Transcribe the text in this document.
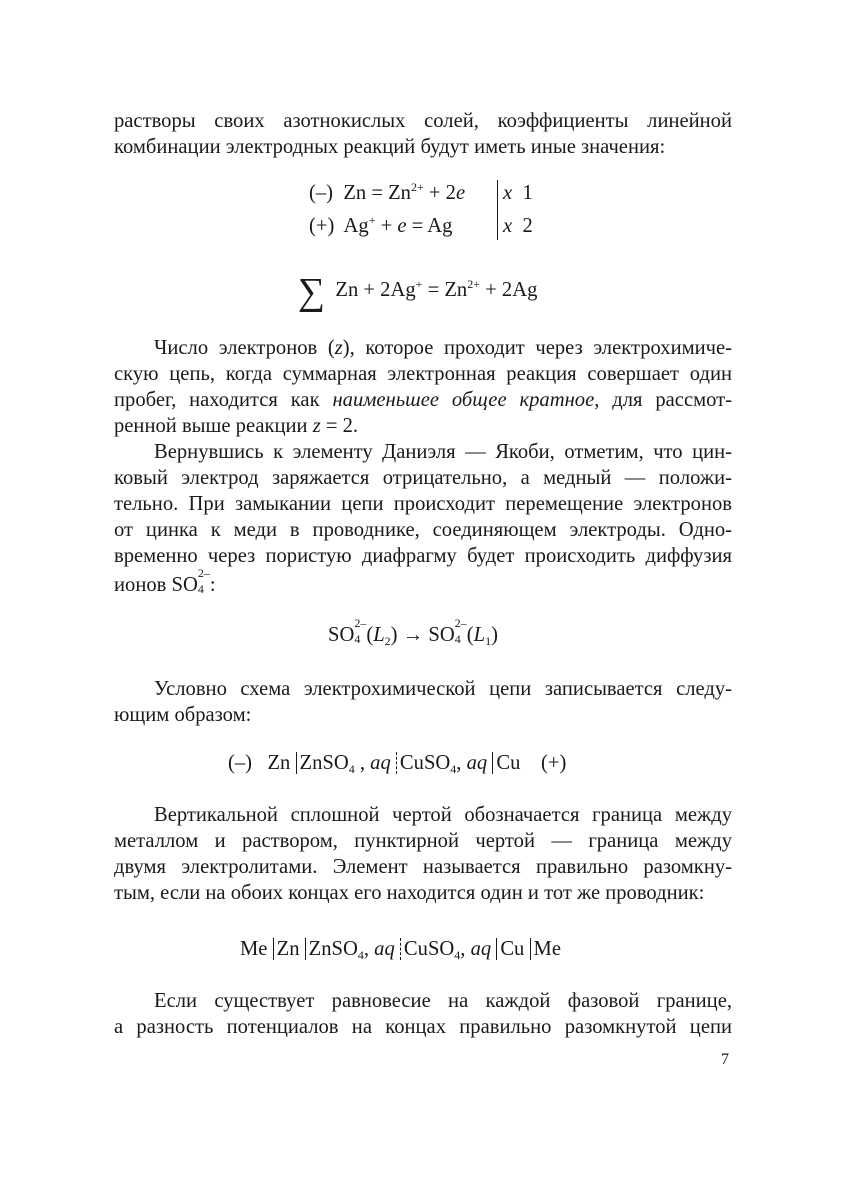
растворы своих азотнокислых солей, коэффициенты линейной
комбинации электродных реакций будут иметь иные значения:
(–) $Zn = Zn^{2+} + 2e$
(+) Ag+ + e = Ag
x 1
x 2
∑ $Zn + 2Ag^+ = Zn^{2+} + 2Ag$
Число электронов (z), которое проходит через электрохимиче-
скую цепь, когда суммарная электронная реакция совершает один
пробег, находится как наименьшее общее кратное, для рассмот-
ренной выше реакции z = 2.
Вернувшись к элементу Даниэля — Якоби, отметим, что цин-
ковый электрод заряжается отрицательно, а медный — положи-
тельно. При замыкании цепи происходит перемещение электронов
от цинка к меди в проводнике, соединяющем электроды. Одно-
временно через пористую диафрагму будет происходить диффузия
ионов SO
2–
4 :
SO
2–
4 $(L_2)$ → SO
2–
4 $(L_1)$
Условно схема электрохимической цепи записывается следу-
ющим образом:
(–) Zn ZnSO$_4$ , aq CuSO$_4$, aq Cu (+)
Вертикальной сплошной чертой обозначается граница между
металлом и раствором, пунктирной чертой — граница между
двумя электролитами. Элемент называется правильно разомкну-
тым, если на обоих концах его находится один и тот же проводник:
Me Zn ZnSO$_4$, aq CuSO$_4$, aq Cu Me
Если существует равновесие на каждой фазовой границе,
а разность потенциалов на концах правильно разомкнутой цепи
7
